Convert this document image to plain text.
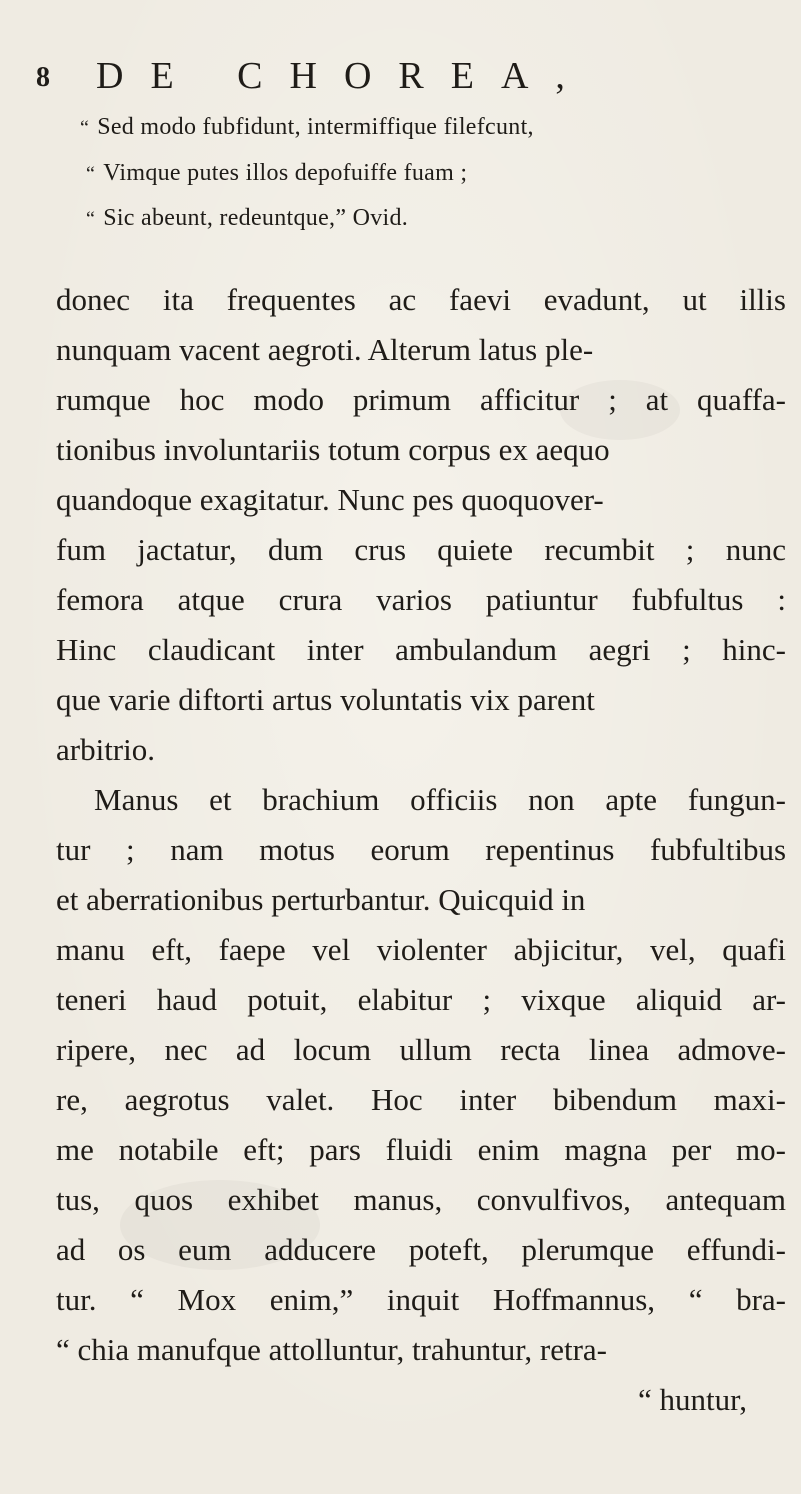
8 DE CHOREA,
“ Sed modo fubfidunt, intermiffique filefcunt,
“ Vimque putes illos depofuiffe fuam ;
“ Sic abeunt, redeuntque,” Ovid.
donec ita frequentes ac faevi evadunt, ut illis
nunquam vacent aegroti. Alterum latus ple-
rumque hoc modo primum afficitur ; at quaffa-
tionibus involuntariis totum corpus ex aequo
quandoque exagitatur. Nunc pes quoquover-
fum jactatur, dum crus quiete recumbit ; nunc
femora atque crura varios patiuntur fubfultus :
Hinc claudicant inter ambulandum aegri ; hinc-
que varie diftorti artus voluntatis vix parent
arbitrio.
Manus et brachium officiis non apte fungun-
tur ; nam motus eorum repentinus fubfultibus
et aberrationibus perturbantur. Quicquid in
manu eft, faepe vel violenter abjicitur, vel, quafi
teneri haud potuit, elabitur ; vixque aliquid ar-
ripere, nec ad locum ullum recta linea admove-
re, aegrotus valet. Hoc inter bibendum maxi-
me notabile eft; pars fluidi enim magna per mo-
tus, quos exhibet manus, convulfivos, antequam
ad os eum adducere poteft, plerumque effundi-
tur. “ Mox enim,” inquit Hoffmannus, “ bra-
“ chia manufque attolluntur, trahuntur, retra-
“ huntur,
